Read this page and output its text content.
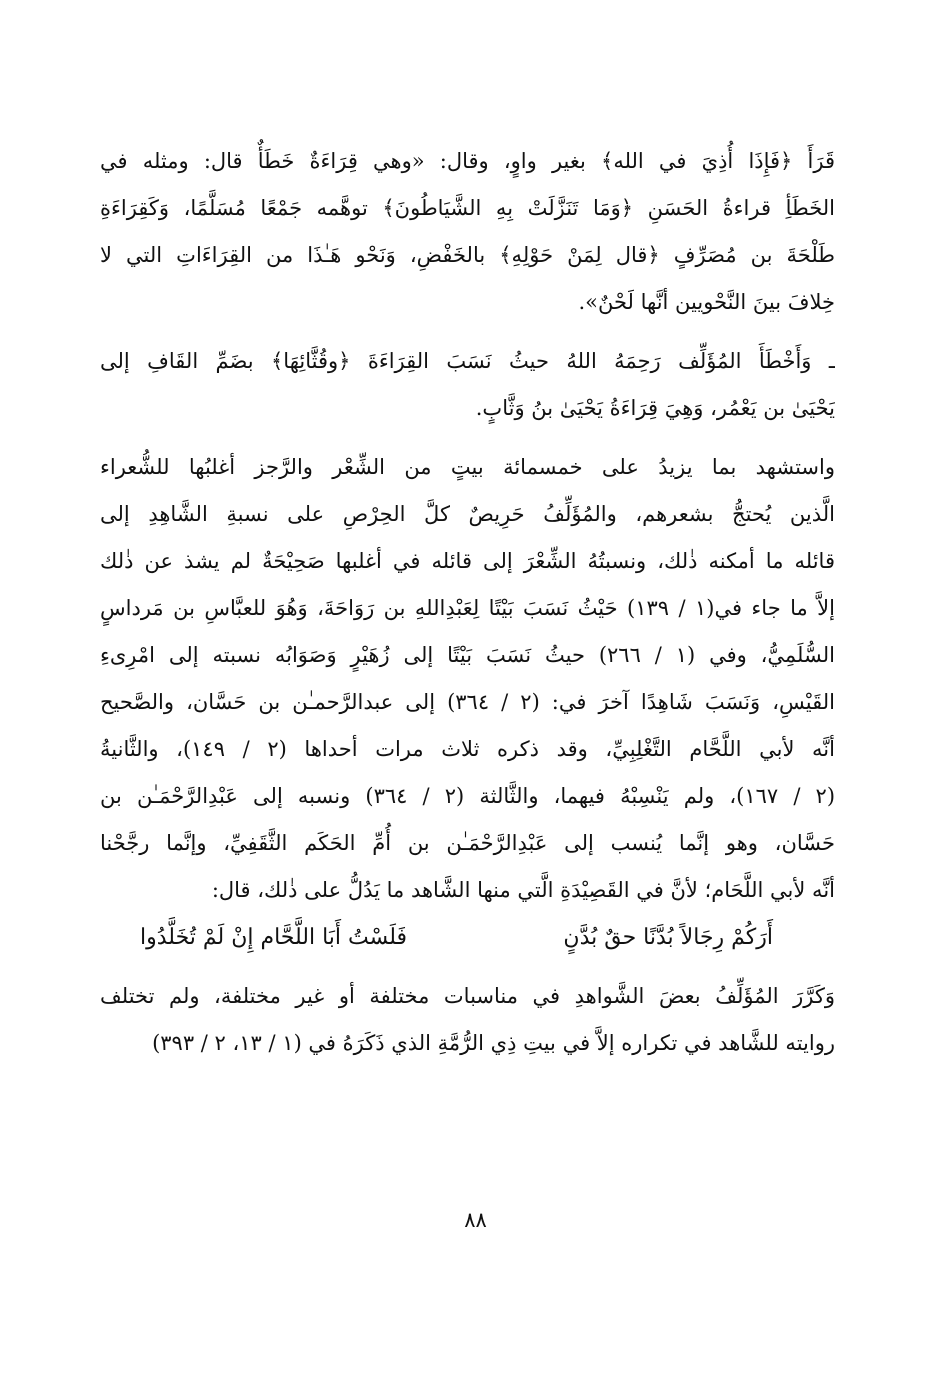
قَرَأَ ﴿فَإِذَا أُذِيَ في الله﴾ بغير واوٍ، وقال: «وهي قِرَاءَةٌ خَطَأٌ قال: ومثله في
الخَطَأِ قراءةُ الحَسَنِ ﴿وَمَا تَنَزَّلَتْ بِهِ الشَّيَاطُونَ﴾ توهَّمه جَمْعًا مُسَلَّمًا، وَكَقِرَاءَةِ
طَلْحَةَ بن مُصَرِّفٍ ﴿قال لِمَنْ حَوْلِهِ﴾ بالخَفْضِ، وَنَحْو هَـٰذَا من القِرَاءَاتِ التي لا
خِلافَ بينَ النَّحْويين أنَّها لَحْنٌ».
ـ وَأَخْطَأَ المُؤَلِّف رَحِمَهُ اللهُ حيثُ نَسَبَ القِرَاءَةَ ﴿وقُثَّائِهَا﴾ بضَمِّ القَافِ إلى
يَحْيَىٰ بن يَعْمُر، وَهِيَ قِرَاءَةُ يَحْيَىٰ بنُ وَثَّابٍ.
واستشهد بما يزيدُ على خمسمائة بيتٍ من الشِّعْر والرَّجز أغلبُها للشُّعراء
الَّذين يُحتجُّ بشعرهم، والمُؤَلِّفُ حَرِيصٌ كلَّ الحِرْصِ على نسبةِ الشَّاهِدِ إلى
قائله ما أمكنه ذٰلك، ونسبتُهُ الشِّعْرَ إلى قائله في أغلبها صَحِيْحَةٌ لم يشذ عن ذٰلك
إلاَّ ما جاء في(١ / ١٣٩) حَيْثُ نَسَبَ بَيْتًا لِعَبْدِاللهِ بن رَوَاحَةَ، وَهُوَ للعبَّاسِ بن مَرداسٍ
السُّلَمِيُّ، وفي (١ / ٢٦٦) حيثُ نَسَبَ بَيْتًا إلى زُهَيْرٍ وَصَوَابُه نسبته إلى امْرِىءِ
القَيْسِ، وَنَسَبَ شَاهِدًا آخرَ في: (٢ / ٣٦٤) إلى عبدالرَّحمـٰن بن حَسَّان، والصَّحيح
أنَّه لأبي اللَّحَّام التَّغْلِبِيِّ، وقد ذكره ثلاث مرات أحداها (٢ / ١٤٩)، والثَّانيةُ
(٢ / ١٦٧)، ولم يَنْسِبْهُ فيهما، والثَّالثة (٢ / ٣٦٤) ونسبه إلى عَبْدِالرَّحْمَـٰن بن
حَسَّان، وهو إنَّما يُنسب إلى عَبْدِالرَّحْمَـٰن بن أُمِّ الحَكَم الثَّقَفِيِّ، وإنَّما رجَّحْنا
أنَّه لأبي اللَّحَام؛ لأنَّ في القَصِيْدَةِ الَّتي منها الشَّاهد ما يَدُلُّ على ذٰلك، قال:
أَرَكُمْ رِجَالاً بُدَّنًا حقٌ بُدَّنٍ
فَلَسْتُ أَبَا اللَّحَّام إِنْ لَمْ تُخَلَّدُوا
وَكَرَّرَ المُؤَلِّفُ بعضَ الشَّواهدِ في مناسبات مختلفة أو غير مختلفة، ولم تختلف
روايته للشَّاهد في تكراره إلاَّ في بيتِ ذِي الرُّمَّةِ الذي ذَكَرَهُ في (١ / ١٣، ٢ / ٣٩٣)
٨٨
